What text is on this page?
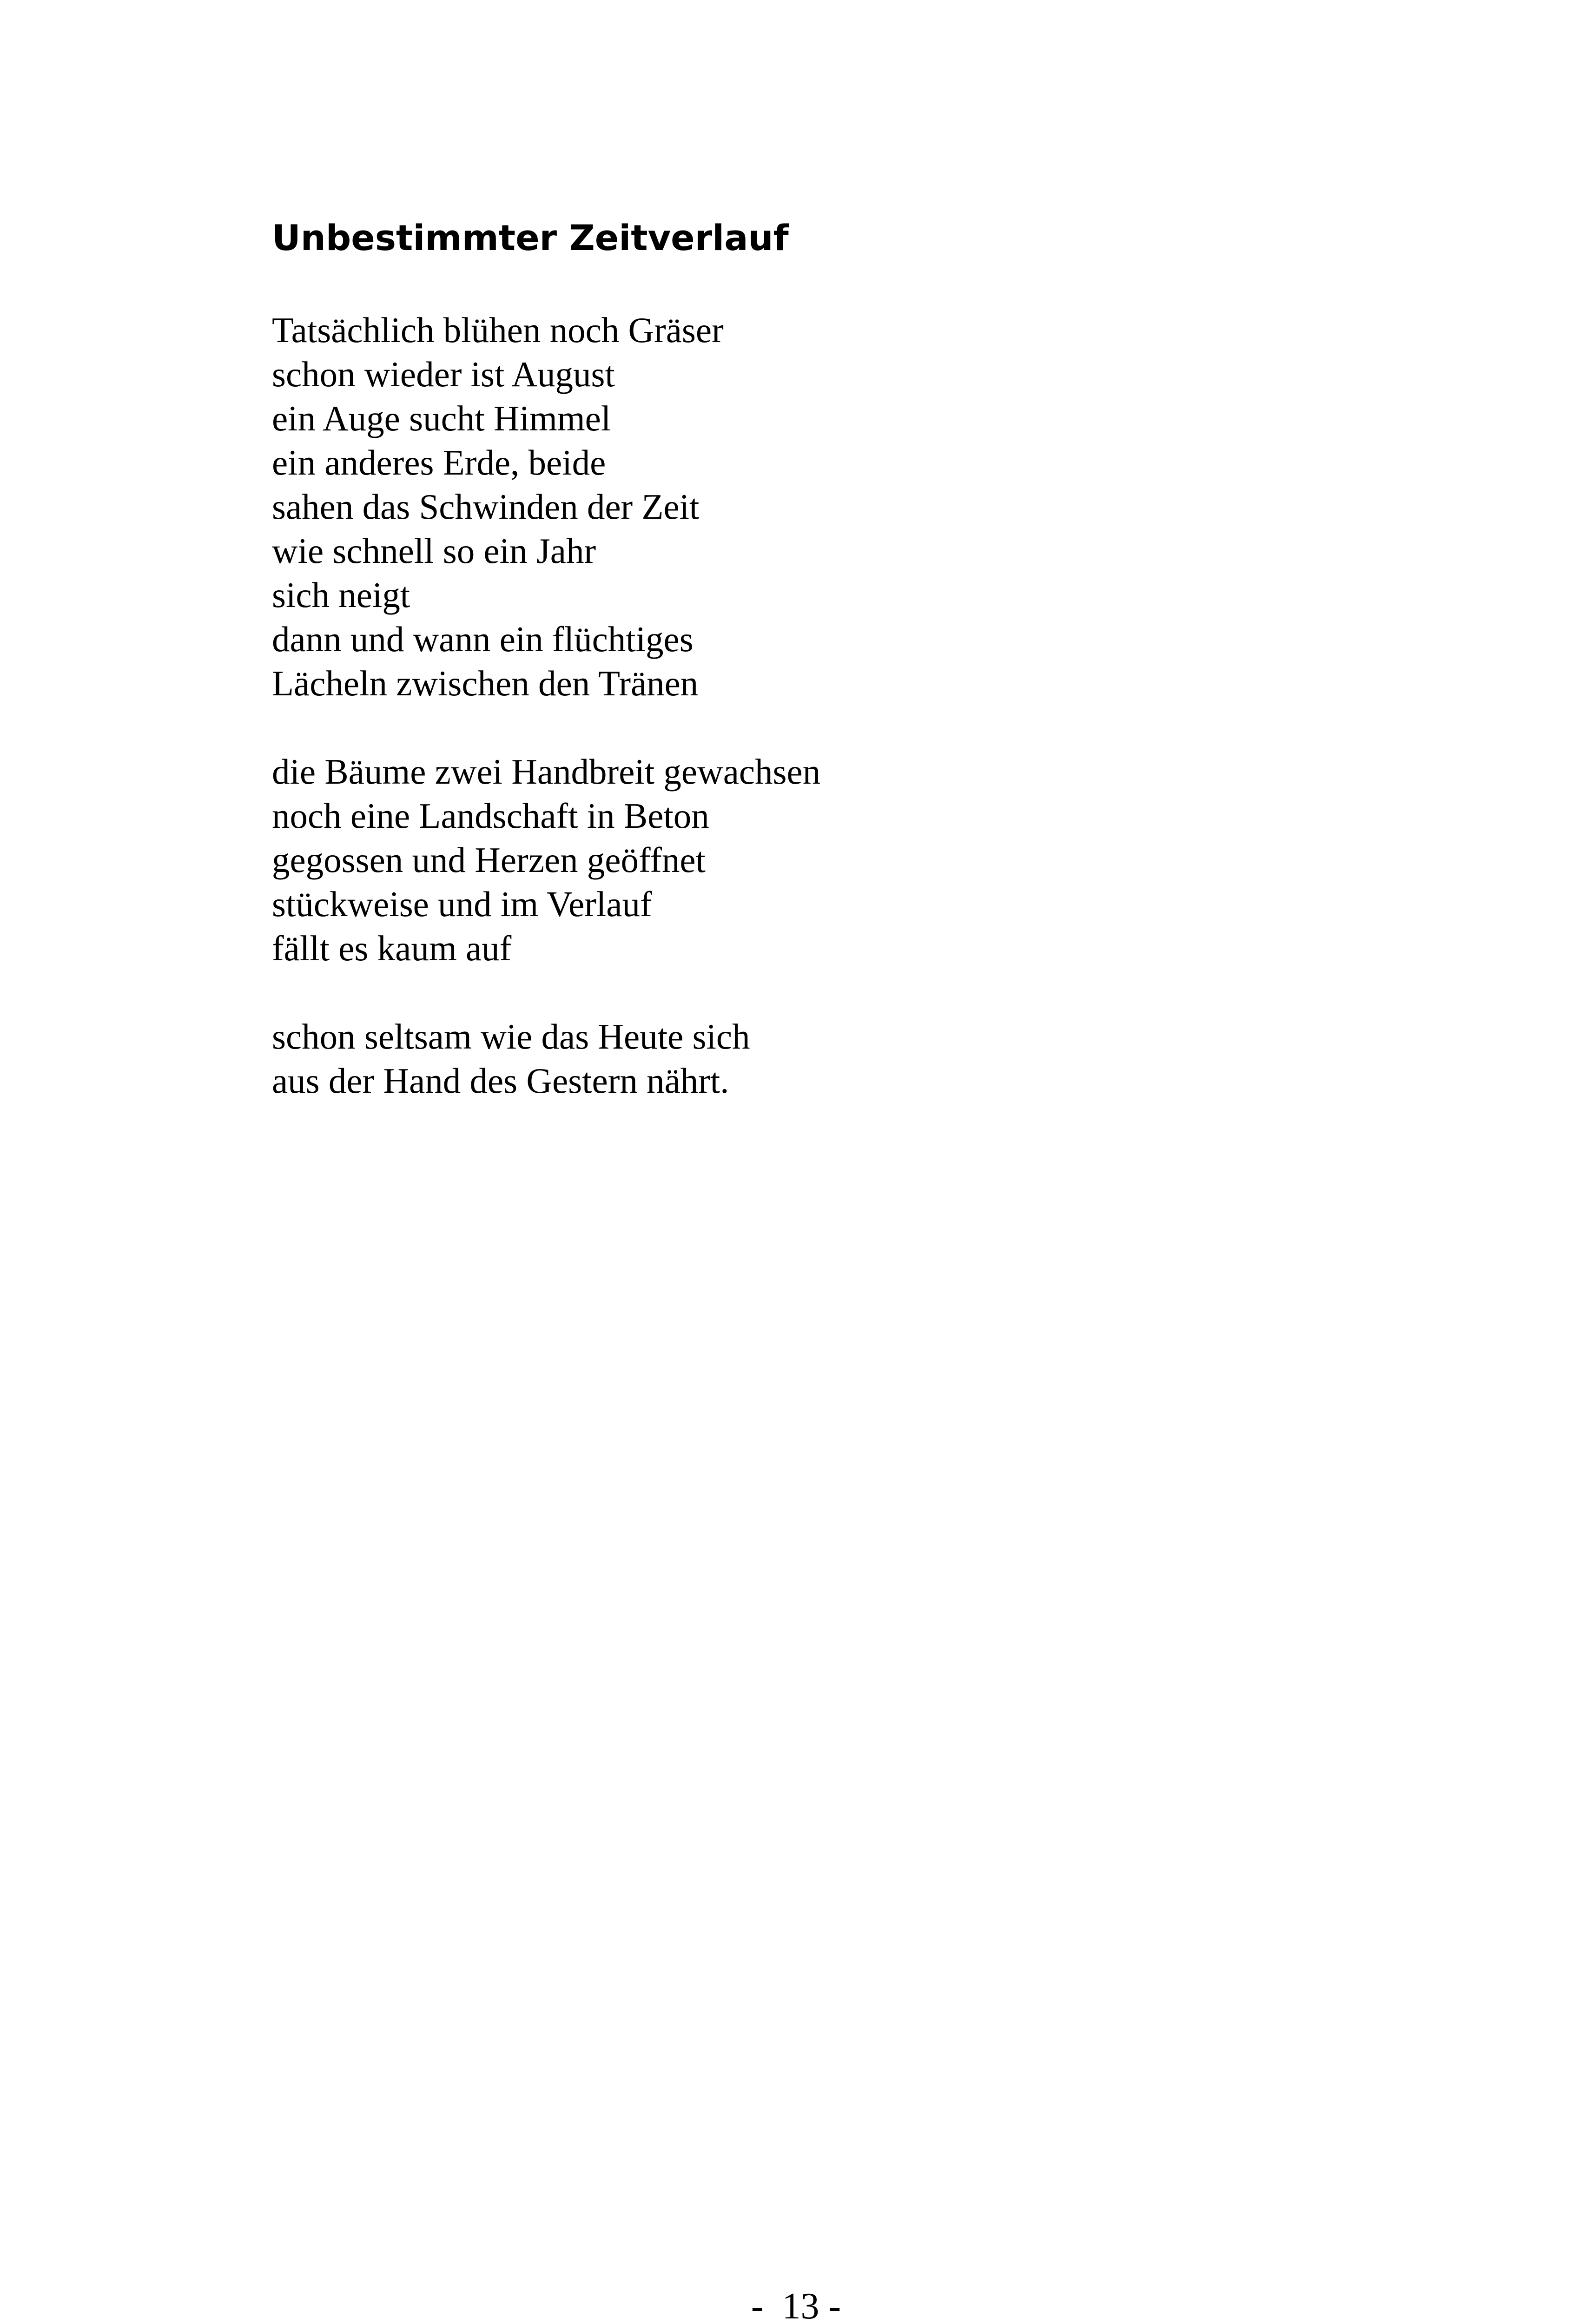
Unbestimmter Zeitverlauf

Tatsächlich blühen noch Gräser
schon wieder ist August
ein Auge sucht Himmel
ein anderes Erde, beide
sahen das Schwinden der Zeit
wie schnell so ein Jahr
sich neigt
dann und wann ein flüchtiges
Lächeln zwischen den Tränen

die Bäume zwei Handbreit gewachsen
noch eine Landschaft in Beton
gegossen und Herzen geöffnet
stückweise und im Verlauf
fällt es kaum auf

schon seltsam wie das Heute sich
aus der Hand des Gestern nährt.

-  13 -
